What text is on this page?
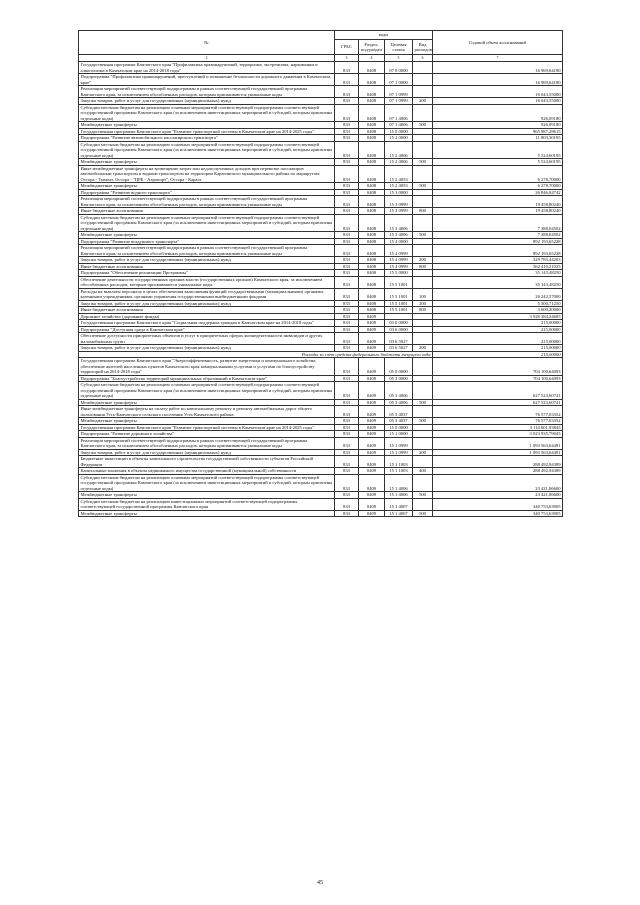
№	коды				Годовой объем ассигнований
	ГРБС	Раздел, под-раздел	Целевая статья	Вид расходов	
2	3	4	5	6	7
Государственная программа Камчатского края "Профилактика правонарушений, терроризма, экстремизма, наркомании и алкоголизма в Камчатском крае на 2014-2018 годы"	833	0408	07 0 0000		16 969,64180
Подпрограмма "Профилактика правонарушений, преступлений и повышение безопасности дорожного движения в Камчатском крае"	833	0408	07 1 0000		16 969,64180
Реализация мероприятий соответствующей подпрограммы в рамках соответствующей государственной программы Камчатского края, за исключением обособленных расходов, которым присваиваются уникальные коды	833	0408	07 1 0999		16 043,55000
Закупка товаров, работ и услуг для государственных (муниципальных) нужд	833	0408	07 1 0999	200	16 043,55000
Субсидии местным бюджетам на реализацию основных мероприятий соответствующей подпрограммы соответствующей государственной программы Камчатского края (за исключением инвестиционных мероприятий и субсидий, которым присвоены отдельные коды)	833	0408	07 1 4006		926,09180
Межбюджетные трансферты	833	0408	07 1 4006	500	926,09180
Государственная программа Камчатского края "Развитие транспортной системы в Камчатском крае на 2014-2025 годы"	833	0408	15 0 0000		965 987,28615
Подпрограмма "Развитие автомобильного пассажирского транспорта"	833	0408	15 2 0000		11 803,30195
Субсидии местным бюджетам на реализацию основных мероприятий соответствующей подпрограммы соответствующей государственной программы Камчатского края (за исключением инвестиционных мероприятий и субсидий, которым присвоены отдельные коды)	833	0408	15 2 4006		5 524,60195
Межбюджетные трансферты	833	0408	15 2 4006	500	5 524,60195
Иные межбюджетные трансферты на возмещение затрат или недополученных доходов при перевозке пассажиров автомобильным транспортом и водным транспортом на территории Карагинского муниципального района по маршрутам: Оссора - Тымлат, Оссора - "ЦРБ - Аэропорт", Оссора - Карага	833	0408	15 2 4053		6 278,70000
Межбюджетные трансферты	833	0408	15 2 4053	500	6 278,70000
Подпрограмма "Развитие водного транспорта"	833	0408	15 3 0000		26 846,84742
Реализация мероприятий соответствующей подпрограммы в рамках соответствующей государственной программы Камчатского края, за исключением обособленных расходов, которым присваиваются уникальные коды	833	0408	15 3 0999		19 458,80240
Иные бюджетные ассигнования	833	0408	15 3 0999	800	19 458,80240
Субсидии местным бюджетам на реализацию основных мероприятий соответствующей подпрограммы соответствующей государственной программы Камчатского края (за исключением инвестиционных мероприятий и субсидий, которым присвоены отдельные коды)	833	0408	15 3 4006		7 388,04502
Межбюджетные трансферты	833	0408	15 3 4006	500	7 388,04502
Подпрограмма "Развитие воздушного транспорта"	833	0408	15 4 0000		892 193,65228
Реализация мероприятий соответствующей подпрограммы в рамках соответствующей государственной программы Камчатского края, за исключением обособленных расходов, которым присваиваются уникальные коды	833	0408	15 4 0999		892 193,65228
Закупка товаров, работ и услуг для государственных (муниципальных) нужд	833	0408	15 4 0999	200	329 783,44203
Иные бюджетные ассигнования	833	0408	15 4 0999	800	562 410,21025
Подпрограмма "Обеспечение реализации Программы"	833	0408	15 5 0000		35 143,48250
Обеспечение деятельности государственных органов власти (государственных органов) Камчатского края, за исключением обособленных расходов, которым присваиваются уникальные коды	833	0408	15 5 1001		35 143,48250
Расходы на выплаты персоналу в целях обеспечения выполнения функций государственными (муниципальными) органами, казенными учреждениями, органами управления государственными внебюджетными фондами	833	0408	15 5 1001	100	26 242,57000
Закупка товаров, работ и услуг для государственных (муниципальных) нужд	833	0408	15 5 1001	200	5 300,71250
Иные бюджетные ассигнования	833	0408	15 5 1001	800	3 600,20000
Дорожное хозяйство (дорожные фонды)	833	0409			3 928 384,24605
Государственная программа Камчатского края "Социальная поддержка граждан в Камчатском крае на 2014-2018 годы"	833	0409	03 0 0000		215,00000
Подпрограмма "Доступная среда в Камчатском крае"	833	0409	03 6 0000		215,00000
Обеспечение доступности приоритетных объектов и услуг в приоритетных сферах жизнедеятельности инвалидов и других маломобильных групп	833	0409	03 6 5027		215,00000
Закупка товаров, работ и услуг для государственных (муниципальных) нужд	833	0409	03 6 5027	200	215,00000
Расходы за счет средств федерального бюджета текущего года					215,00000
Государственная программа Камчатского края "Энергоэффективность, развитие энергетики и коммунального хозяйства, обеспечение жителей населенных пунктов Камчатского края коммунальными услугами и услугами по благоустройству территорий на 2014-2018 годы"	833	0409	05 0 0000		704 100,64093
Подпрограмма "Благоустройство территорий муниципальных образований в Камчатском крае"	833	0409	05 3 0000		704 100,64093
Субсидии местным бюджетам на реализацию основных мероприятий соответствующей подпрограммы соответствующей государственной программы Камчатского края (за исключением инвестиционных мероприятий и субсидий, которым присвоены отдельные коды)	833	0409	05 3 4006		627 523,60741
Межбюджетные трансферты	833	0409	05 3 4006	500	627 523,60741
Иные межбюджетные трансферты на оплату работ по капитальному ремонту и ремонту автомобильных дорог общего пользования Усть-Камчатского сельского поселения Усть-Камчатского района	833	0409	05 3 4037		76 577,03352
Межбюджетные трансферты	833	0409	05 3 4037	500	76 577,03352
Государственная программа Камчатского края "Развитие транспортной системы в Камчатском крае на 2014-2025 годы"	833	0409	15 0 0000		3 114 601,93845
Подпрограмма "Развитие дорожного хозяйства"	833	0409	15 1 0000		3 023 935,79045
Реализация мероприятий соответствующей подпрограммы в рамках соответствующей государственной программы Камчатского края, за исключением обособленных расходов, которым присваиваются уникальные коды	833	0409	15 1 0999		1 093 563,64491
Закупка товаров, работ и услуг для государственных (муниципальных) нужд	833	0409	15 1 0999	200	1 093 563,64491
Бюджетные инвестиции в объекты капитального строительства государственной собственности субъектов Российской Федерации	833	0409	15 1 1003		288 492,94389
Капитальные вложения в объекты недвижимого имущества государственной (муниципальной) собственности	833	0409	15 1 1003	400	288 492,94389
Субсидии местным бюджетам на реализацию основных мероприятий соответствующей подпрограммы соответствующей государственной программы Камчатского края (за исключением инвестиционных мероприятий и субсидий, которым присвоены отдельные коды)	833	0409	15 1 4006		23 421,86600
Межбюджетные трансферты	833	0409	15 1 4006	500	23 421,86600
Субсидии местным бюджетам на реализацию инвестиционных мероприятий соответствующей подпрограммы соответствующей государственной программы Камчатского края	833	0409	15 1 4007		340 753,63905
Межбюджетные трансферты	833	0409	15 1 4007	500	340 753,63905
45
